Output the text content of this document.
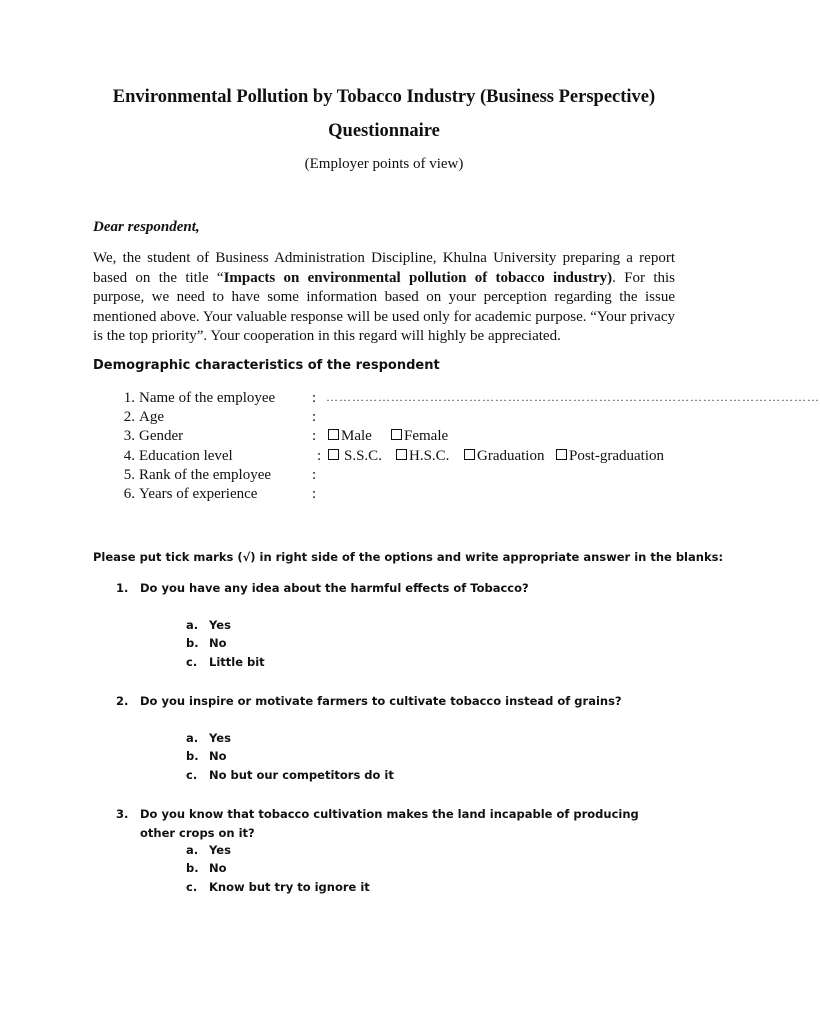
Environmental Pollution by Tobacco Industry (Business Perspective)
Questionnaire
(Employer points of view)
Dear respondent,
We, the student of Business Administration Discipline, Khulna University preparing a report based on the title “Impacts on environmental pollution of tobacco industry). For this purpose, we need to have some information based on your perception regarding the issue mentioned above. Your valuable response will be used only for academic purpose. “Your privacy is the top priority”. Your cooperation in this regard will highly be appreciated.
Demographic characteristics of the respondent
1. Name of the employee : ……………………………………………………………………………………………………
2. Age	:
3. Gender	:	Male	Female
4. Education level	:	S.S.C.	H.S.C.	Graduation	Post-graduation
5. Rank of the employee	:
6. Years of experience	:
Please put tick marks (√) in right side of the options and write appropriate answer in the blanks:
1. Do you have any idea about the harmful effects of Tobacco?
a. Yes
b. No
c. Little bit
2. Do you inspire or motivate farmers to cultivate tobacco instead of grains?
a. Yes
b. No
c. No but our competitors do it
3. Do you know that tobacco cultivation makes the land incapable of producing other crops on it?
a. Yes
b. No
c. Know but try to ignore it
